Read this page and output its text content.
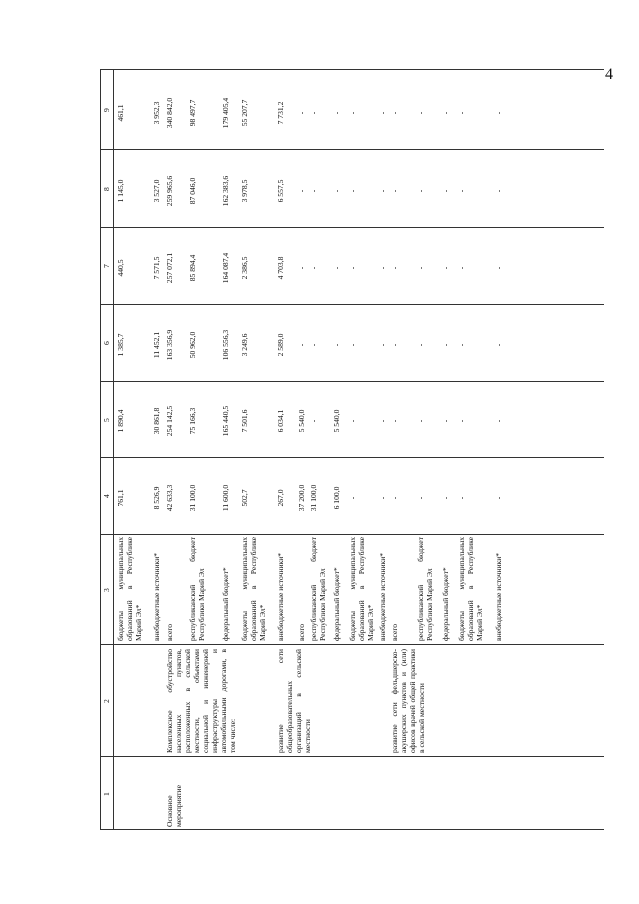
4
1
2
3
4
5
6
7
8
9
Основное мероприятие
Комплексное обустройство населенных пунктов, расположенных в сельской местности, объектами социальной и инженерной инфраструктуры и автомобильными дорогами, в том числе:	развитие сети общеобразовательных организаций в сельской местности	развитие сети фельдшерско-акушерских пунктов и (или) офисов врачей общей практики в сельской местности
бюджеты муниципальных образований в Республике Марий Эл*
761,1
1 890,4
1 385,7
440,5
1 145,0
461,1
внебюджетные источники*
8 526,9
30 861,8
11 452,1
7 571,5
3 527,0
3 952,3
всего
42 633,3
254 142,5
163 356,9
257 072,1
259 965,6
340 842,0
республиканский бюджет Республики Марий Эл
31 100,0
75 166,3
50 962,0
85 894,4
87 046,0
98 497,7
федеральный бюджет*
11 600,0
165 440,5
106 556,3
164 087,4
162 383,6
179 405,4
бюджеты муниципальных образований в Республике Марий Эл*
502,7
7 501,6
3 249,6
2 386,5
3 978,5
55 207,7
внебюджетные источники*
267,0
6 034,1
2 589,0
4 703,8
6 557,5
7 731,2
всего
37 200,0
5 540,0
-
-
-
-
республиканский бюджет Республики Марий Эл
31 100,0
-
-
-
-
-
федеральный бюджет*
6 100,0
5 540,0
-
-
-
-
бюджеты муниципальных образований в Республике Марий Эл*
-
-
-
-
-
-
внебюджетные источники*
-
-
-
-
-
-
всего
-
-
-
-
-
-
республиканский бюджет Республики Марий Эл
-
-
-
-
-
-
федеральный бюджет*
-
-
-
-
-
-
бюджеты муниципальных образований в Республике Марий Эл*
-
-
-
-
-
-
внебюджетные источники*
-
-
-
-
-
-
